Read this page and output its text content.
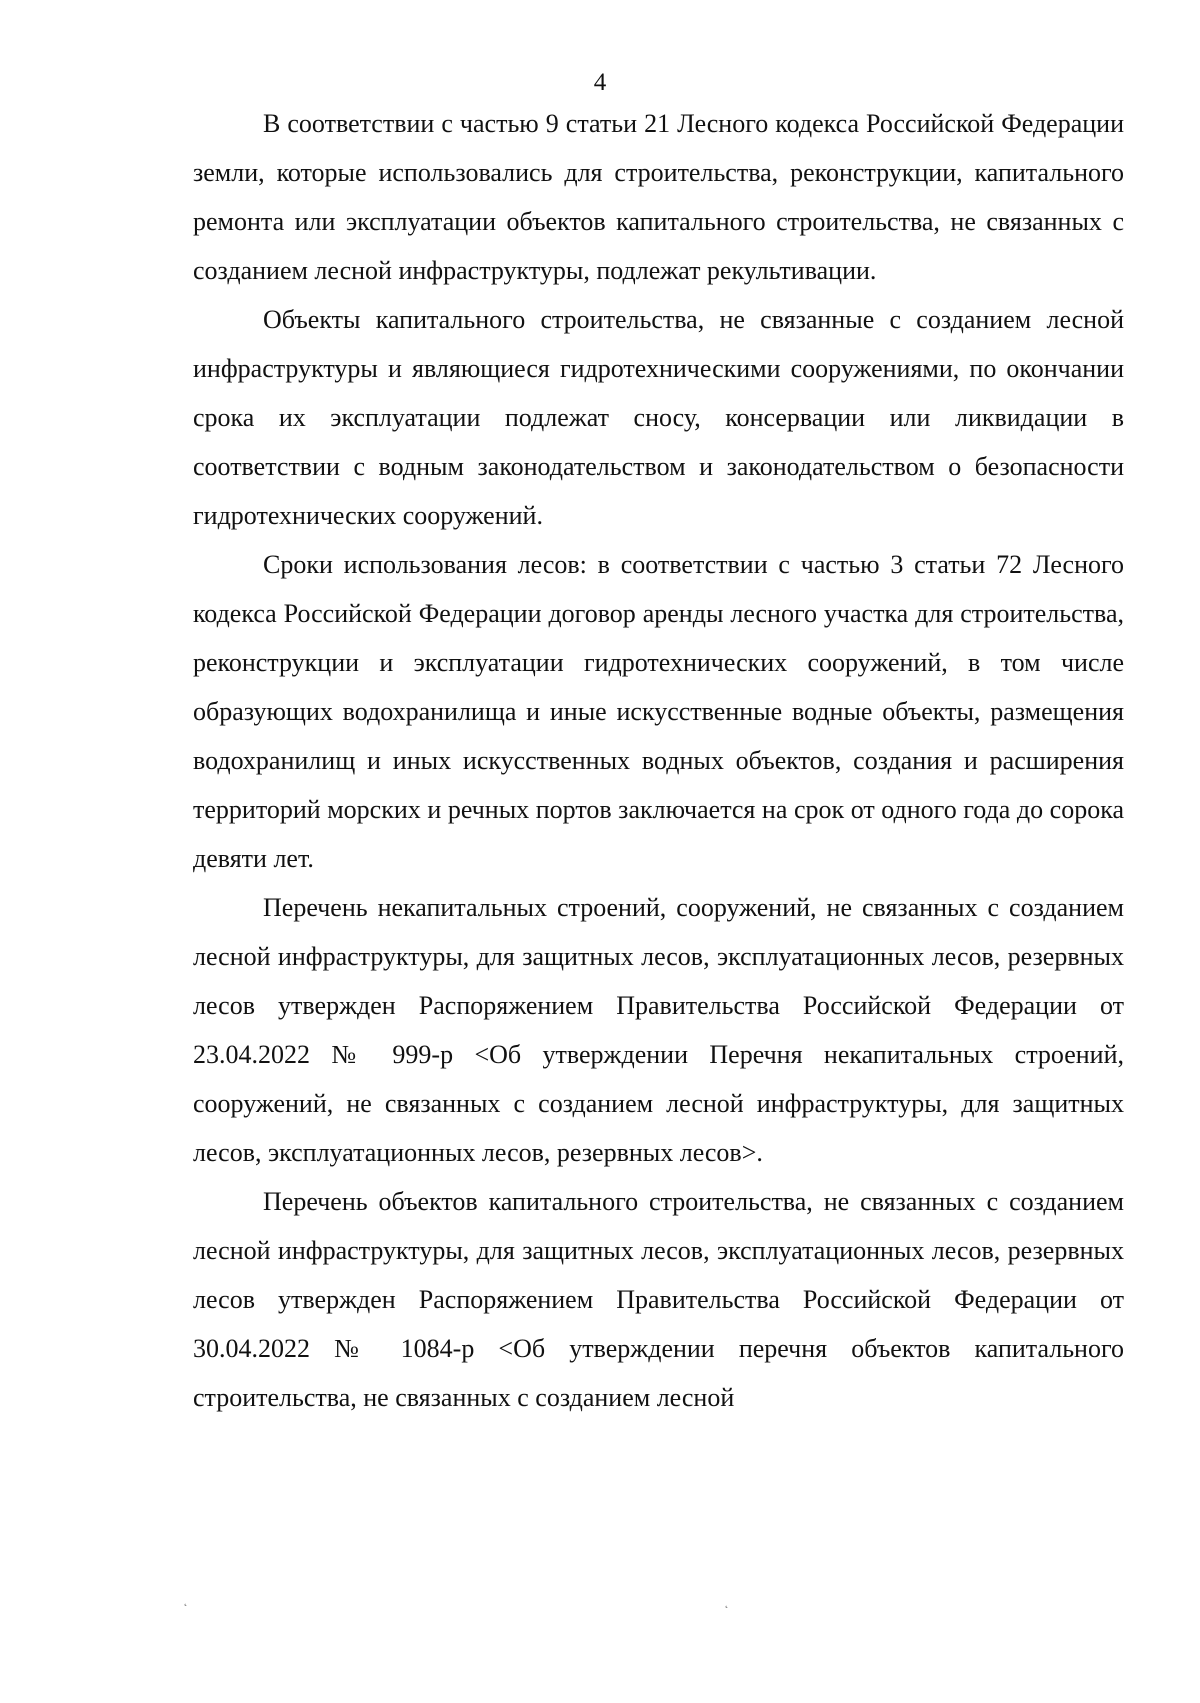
4

В соответствии с частью 9 статьи 21 Лесного кодекса Российской Федерации земли, которые использовались для строительства, реконструкции, капитального ремонта или эксплуатации объектов капитального строительства, не связанных с созданием лесной инфраструктуры, подлежат рекультивации.

Объекты капитального строительства, не связанные с созданием лесной инфраструктуры и являющиеся гидротехническими сооружениями, по окончании срока их эксплуатации подлежат сносу, консервации или ликвидации в соответствии с водным законодательством и законодательством о безопасности гидротехнических сооружений.

Сроки использования лесов: в соответствии с частью 3 статьи 72 Лесного кодекса Российской Федерации договор аренды лесного участка для строительства, реконструкции и эксплуатации гидротехнических сооружений, в том числе образующих водохранилища и иные искусственные водные объекты, размещения водохранилищ и иных искусственных водных объектов, создания и расширения территорий морских и речных портов заключается на срок от одного года до сорока девяти лет.

Перечень некапитальных строений, сооружений, не связанных с созданием лесной инфраструктуры, для защитных лесов, эксплуатационных лесов, резервных лесов утвержден Распоряжением Правительства Российской Федерации от 23.04.2022 № 999-р <Об утверждении Перечня некапитальных строений, сооружений, не связанных с созданием лесной инфраструктуры, для защитных лесов, эксплуатационных лесов, резервных лесов>.

Перечень объектов капитального строительства, не связанных с созданием лесной инфраструктуры, для защитных лесов, эксплуатационных лесов, резервных лесов утвержден Распоряжением Правительства Российской Федерации от 30.04.2022 № 1084-р <Об утверждении перечня объектов капитального строительства, не связанных с созданием лесной

˛	˛
